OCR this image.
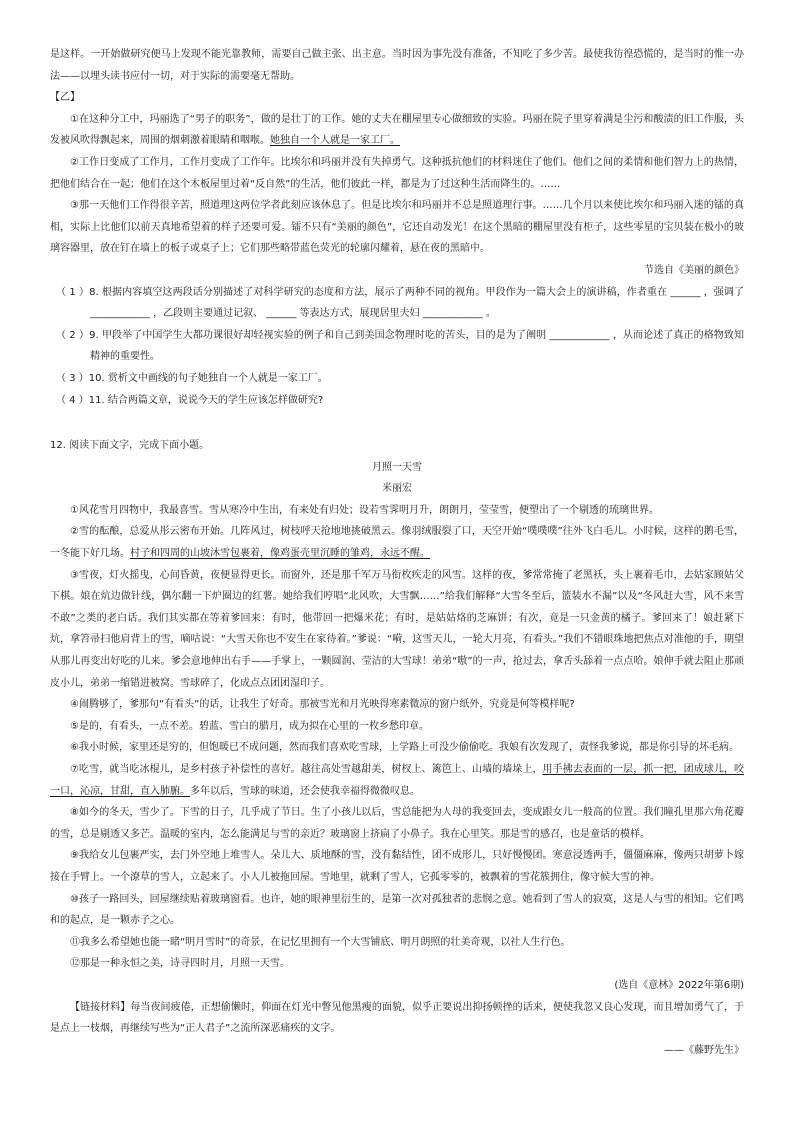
是这样。一开始做研究便马上发现不能光靠教师，需要自己做主张、出主意。当时因为事先没有准备，不知吃了多少苦。最使我彷徨恐慌的，是当时的惟一办法——以埋头读书应付一切，对于实际的需要毫无帮助。

【乙】

①在这种分工中，玛丽选了“男子的职务”，做的是壮丁的工作。她的丈夫在棚屋里专心做细致的实验。玛丽在院子里穿着满是尘污和酸渍的旧工作服，头发被风吹得飘起来，周围的烟刺激着眼睛和咽喉。她独自一个人就是一家工厂。

②工作日变成了工作月，工作月变成了工作年。比埃尔和玛丽并没有失掉勇气。这种抵抗他们的材料迷住了他们。他们之间的柔情和他们智力上的热情，把他们结合在一起；他们在这个木板屋里过着“反自然”的生活，他们彼此一样，都是为了过这种生活而降生的。……

③那一天他们工作得很辛苦，照道理这两位学者此刻应该休息了。但是比埃尔和玛丽并不总是照道理行事。……几个月以来使比埃尔和玛丽入迷的镭的真相，实际上比他们以前天真地希望着的样子还要可爱。镭不只有“美丽的颜色”，它还自动发光！在这个黑暗的棚屋里没有柜子，这些零星的宝贝装在极小的玻璃容器里，放在钉在墙上的板子或桌子上；它们那些略带蓝色荧光的轮廓闪耀着，悬在夜的黑暗中。

节选自《美丽的颜色》

（ 1 ）8. 根据内容填空这两段话分别描述了对科学研究的态度和方法，展示了两种不同的视角。甲段作为一篇大会上的演讲稿，作者重在 ______ ，强调了 ____________ ，乙段则主要通过记叙、 ______ 等表达方式，展现居里夫妇 ____________ 。

（ 2 ）9. 甲段举了中国学生大都功课很好却轻视实验的例子和自己到美国念物理时吃的苦头，目的是为了阐明 ____________ ，从而论述了真正的格物致知精神的重要性。

（ 3 ）10. 赏析文中画线的句子她独自一个人就是一家工厂。

（ 4 ）11. 结合两篇文章，说说今天的学生应该怎样做研究?

12. 阅读下面文字，完成下面小题。

月照一天雪

米丽宏

①风花雪月四物中，我最喜雪。雪从寒冷中生出，有来处有归处；设若雪霁明月升，朗朗月，莹莹雪，便塑出了一个剔透的琉璃世界。

②雪的酝酿，总爱从彤云密布开始。几阵风过，树枝呼天抢地地挑破黑云。像羽绒服裂了口，天空开始“噗噗噗”往外飞白毛儿。小时候，这样的鹅毛雪，一冬能下好几场。村子和四周的山坡沐雪包裹着，像鸡蛋壳里沉睡的雏鸡，永远不醒。

③雪夜，灯火摇曳，心间昏黄，夜便显得更长。而窗外，还是那千军万马衔枚疾走的风雪。这样的夜，爹常常掩了老黑袄，头上裹着毛巾，去姑家顾姑父下棋。娘在炕边做针线，偶尔翻一下炉圈边的红薯。她给我们哼唱“北风吹，大雪飘……”给我们解释“大雪冬至后，篮装水不漏”以及“冬风赶大雪，风不来雪不敢”之类的老白话。我们其实都在等着爹回来：有时，他带回一把爆米花；有时，是姑姑烙的芝麻饼；有次，竟是一只金黄的橘子。爹回来了！娘赶紧下炕，拿笤帚扫他肩背上的雪，嘀咕说：“大雪天你也不安生在家待着。”爹说：“嗬，这雪天儿，一轮大月亮，有看头。”我们不错眼珠地把焦点对准他的手，期望从那儿再变出好吃的儿来。爹会意地伸出右手——手掌上，一颗圆润、莹洁的大雪球！弟弟“嗷”的一声，抢过去，拿舌头舔着一点点哈。娘伸手就去阻止那顽皮小儿，弟弟一缩错进被窝。雪球碎了，化成点点团团湿印子。

④闹腾够了，爹那句“有看头”的话，让我生了好奇。那被雪光和月光映得寒素微凉的窗户纸外，究竟是何等模样呢?

⑤是的，有看头，一点不差。碧蓝、雪白的腊月，成为拟在心里的一枚乡愁印章。

⑥我小时候，家里还是穷的，但饱暖已不成问题，然而我们喜欢吃雪球，上学路上可没少偷偷吃。我娘有次发现了，责怪我爹说，都是你引导的坏毛病。

⑦吃雪，就当吃冰棍儿，是乡村孩子补偿性的喜好。越往高处雪越甜美，树杈上、篱笆上、山墙的墙垛上，用手拂去表面的一层，抓一把，团成球儿，咬一口，沁凉，甘甜，直入肺腑。多年以后，雪球的味道，还会使我幸福得微微叹息。

⑧如今的冬天，雪少了。下雪的日子，几乎成了节日。生了小孩儿以后，雪总能把为人母的我变回去，变成跟女儿一般高的位置。我们瞳孔里那六角花瓣的雪，总是剔透又多芒。温暖的室内，怎么能满足与雪的亲近？玻璃窗上挤扁了小鼻子。我在心里笑。那是雪的感召，也是童话的模样。

⑨我给女儿包裹严实，去门外空地上堆雪人。朵儿大、质地酥的雪，没有黏结性，团不成形儿，只好慢慢团。寒意浸透两手，僵僵麻麻，像两只胡萝卜嫁接在手臂上。一个潦草的雪人，立起来了。小人儿被拖回屋。雪地里，就剩了雪人，它孤零零的，被飘着的雪花簇拥住，像守候大雪的神。

⑩孩子一路回头，回屋继续贴着玻璃窗看。也许，她的眼神里衍生的，是第一次对孤独者的悲悯之意。她看到了雪人的寂寞，这是人与雪的相知。它们鸣和的起点，是一颗赤子之心。

⑪我多么希望她也能一睹“明月雪时”的奇景，在记忆里拥有一个大雪铺底、明月朗照的壮美奇观，以社人生行色。

⑫那是一种永恒之美，诗寻四时月，月照一天雪。

(选自《意林》2022年第6期)

【链接材料】每当夜间疲倦，正想偷懒时，仰面在灯光中瞥见他黑瘦的面貌，似乎正要说出抑扬顿挫的话来，便使我忽又良心发现，而且增加勇气了，于是点上一枝烟，再继续写些为“正人君子”之流所深恶痛疾的文字。

——《藤野先生》
